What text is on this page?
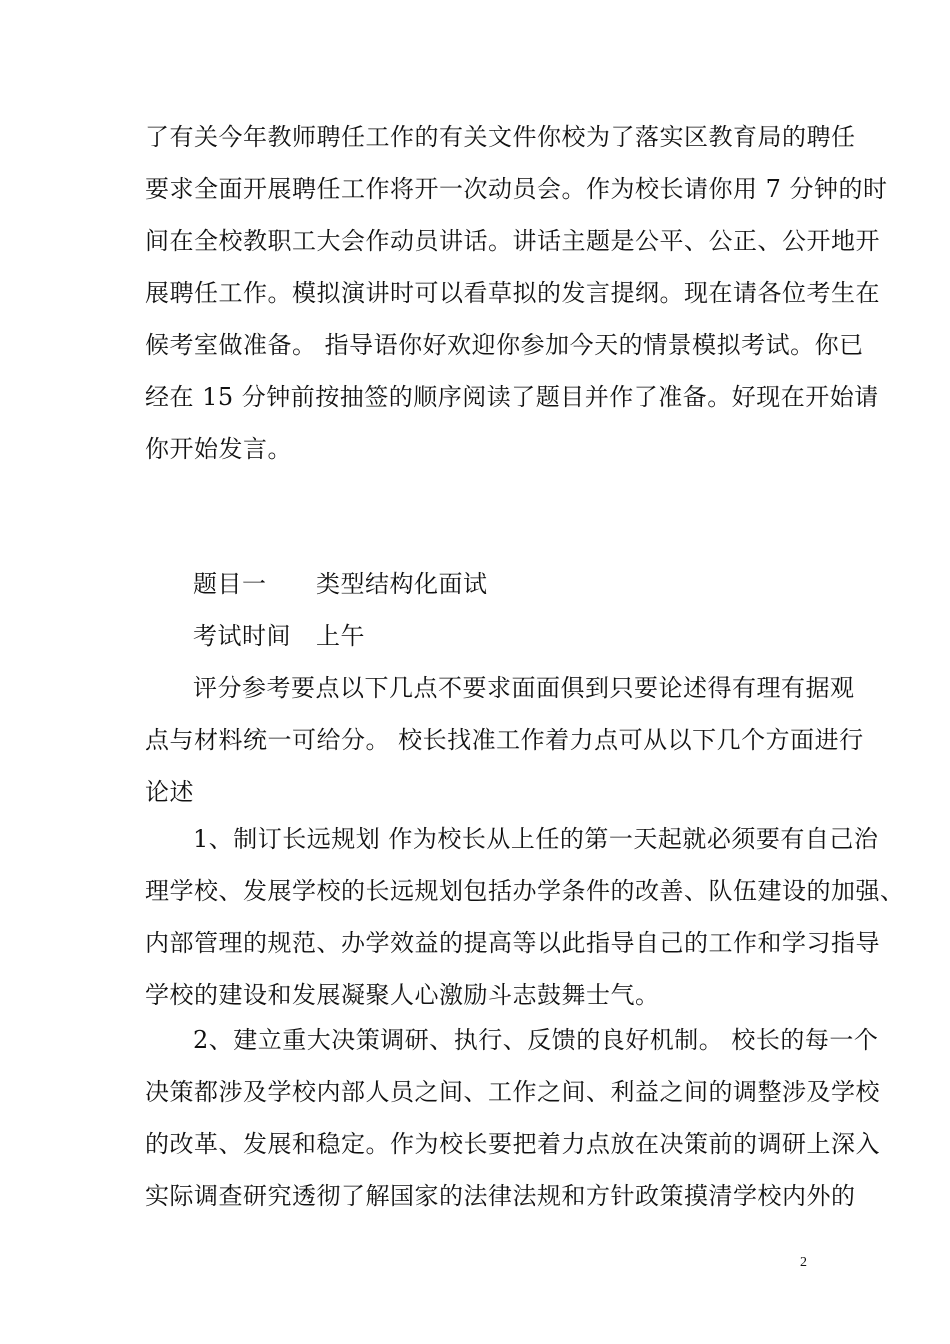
了有关今年教师聘任工作的有关文件你校为了落实区教育局的聘任
要求全面开展聘任工作将开一次动员会。作为校长请你用 7 分钟的时
间在全校教职工大会作动员讲话。讲话主题是公平、公正、公开地开
展聘任工作。模拟演讲时可以看草拟的发言提纲。现在请各位考生在
候考室做准备。 指导语你好欢迎你参加今天的情景模拟考试。你已
经在 15 分钟前按抽签的顺序阅读了题目并作了准备。好现在开始请
你开始发言。
题目一	类型结构化面试
考试时间	上午
评分参考要点以下几点不要求面面俱到只要论述得有理有据观
点与材料统一可给分。 校长找准工作着力点可从以下几个方面进行
论述
1、制订长远规划 作为校长从上任的第一天起就必须要有自己治
理学校、发展学校的长远规划包括办学条件的改善、队伍建设的加强、
内部管理的规范、办学效益的提高等以此指导自己的工作和学习指导
学校的建设和发展凝聚人心激励斗志鼓舞士气。
2、建立重大决策调研、执行、反馈的良好机制。 校长的每一个
决策都涉及学校内部人员之间、工作之间、利益之间的调整涉及学校
的改革、发展和稳定。作为校长要把着力点放在决策前的调研上深入
实际调查研究透彻了解国家的法律法规和方针政策摸清学校内外的
2
